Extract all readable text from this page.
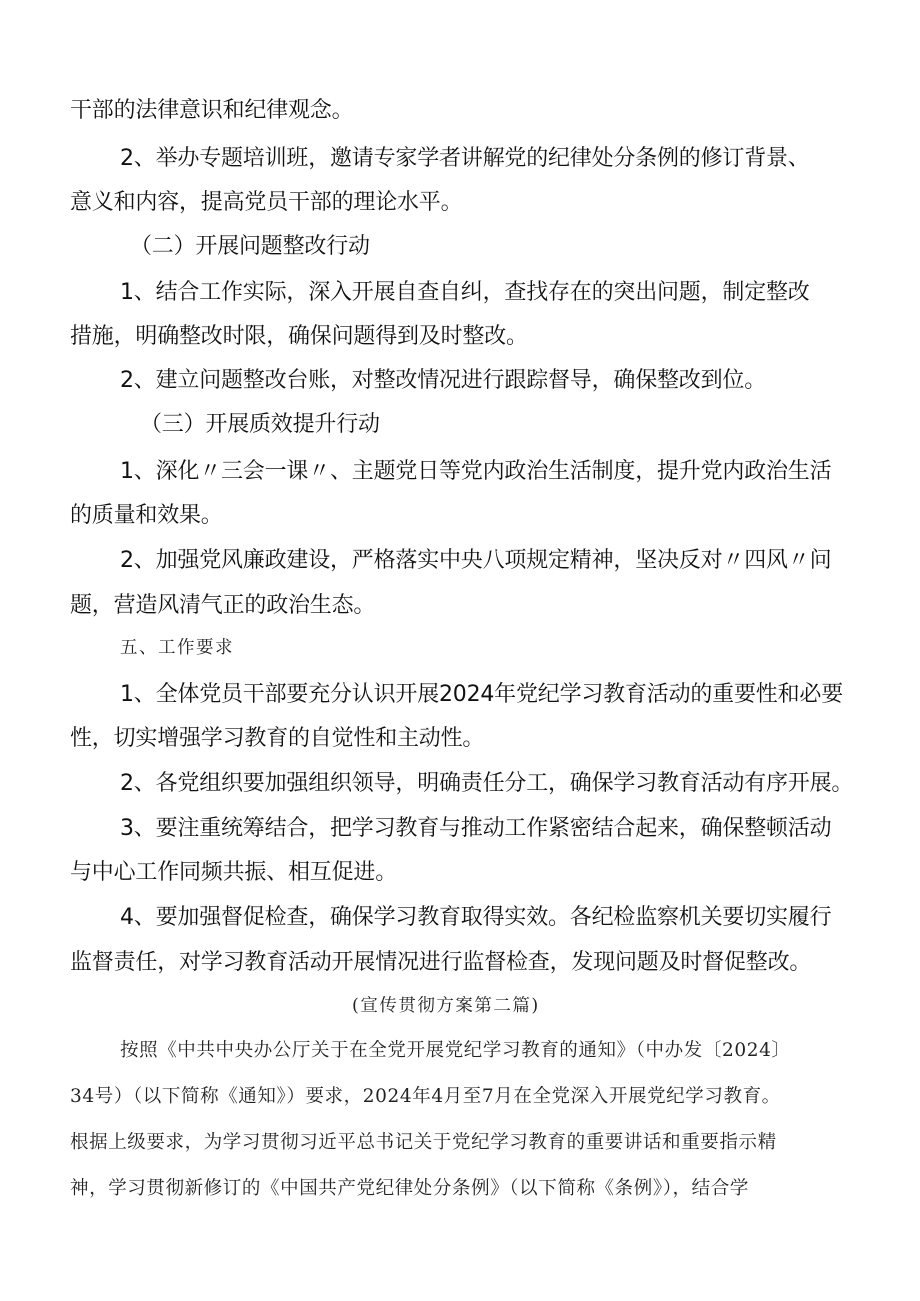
干部的法律意识和纪律观念。
2、举办专题培训班，邀请专家学者讲解党的纪律处分条例的修订背景、
意义和内容，提高党员干部的理论水平。
（二）开展问题整改行动
1、结合工作实际，深入开展自查自纠，查找存在的突出问题，制定整改
措施，明确整改时限，确保问题得到及时整改。
2、建立问题整改台账，对整改情况进行跟踪督导，确保整改到位。
（三）开展质效提升行动
1、深化〃三会一课〃、主题党日等党内政治生活制度，提升党内政治生活
的质量和效果。
2、加强党风廉政建设，严格落实中央八项规定精神，坚决反对〃四风〃问
题，营造风清气正的政治生态。
五、工作要求
1、全体党员干部要充分认识开展2024年党纪学习教育活动的重要性和必要
性，切实增强学习教育的自觉性和主动性。
2、各党组织要加强组织领导，明确责任分工，确保学习教育活动有序开展。
3、要注重统筹结合，把学习教育与推动工作紧密结合起来，确保整顿活动
与中心工作同频共振、相互促进。
4、要加强督促检查，确保学习教育取得实效。各纪检监察机关要切实履行
监督责任，对学习教育活动开展情况进行监督检查，发现问题及时督促整改。
(宣传贯彻方案第二篇)
按照《中共中央办公厅关于在全党开展党纪学习教育的通知》（中办发〔2024〕
34号）（以下简称《通知》）要求，2024年4月至7月在全党深入开展党纪学习教育。
根据上级要求，为学习贯彻习近平总书记关于党纪学习教育的重要讲话和重要指示精
神，学习贯彻新修订的《中国共产党纪律处分条例》（以下简称《条例》），结合学
